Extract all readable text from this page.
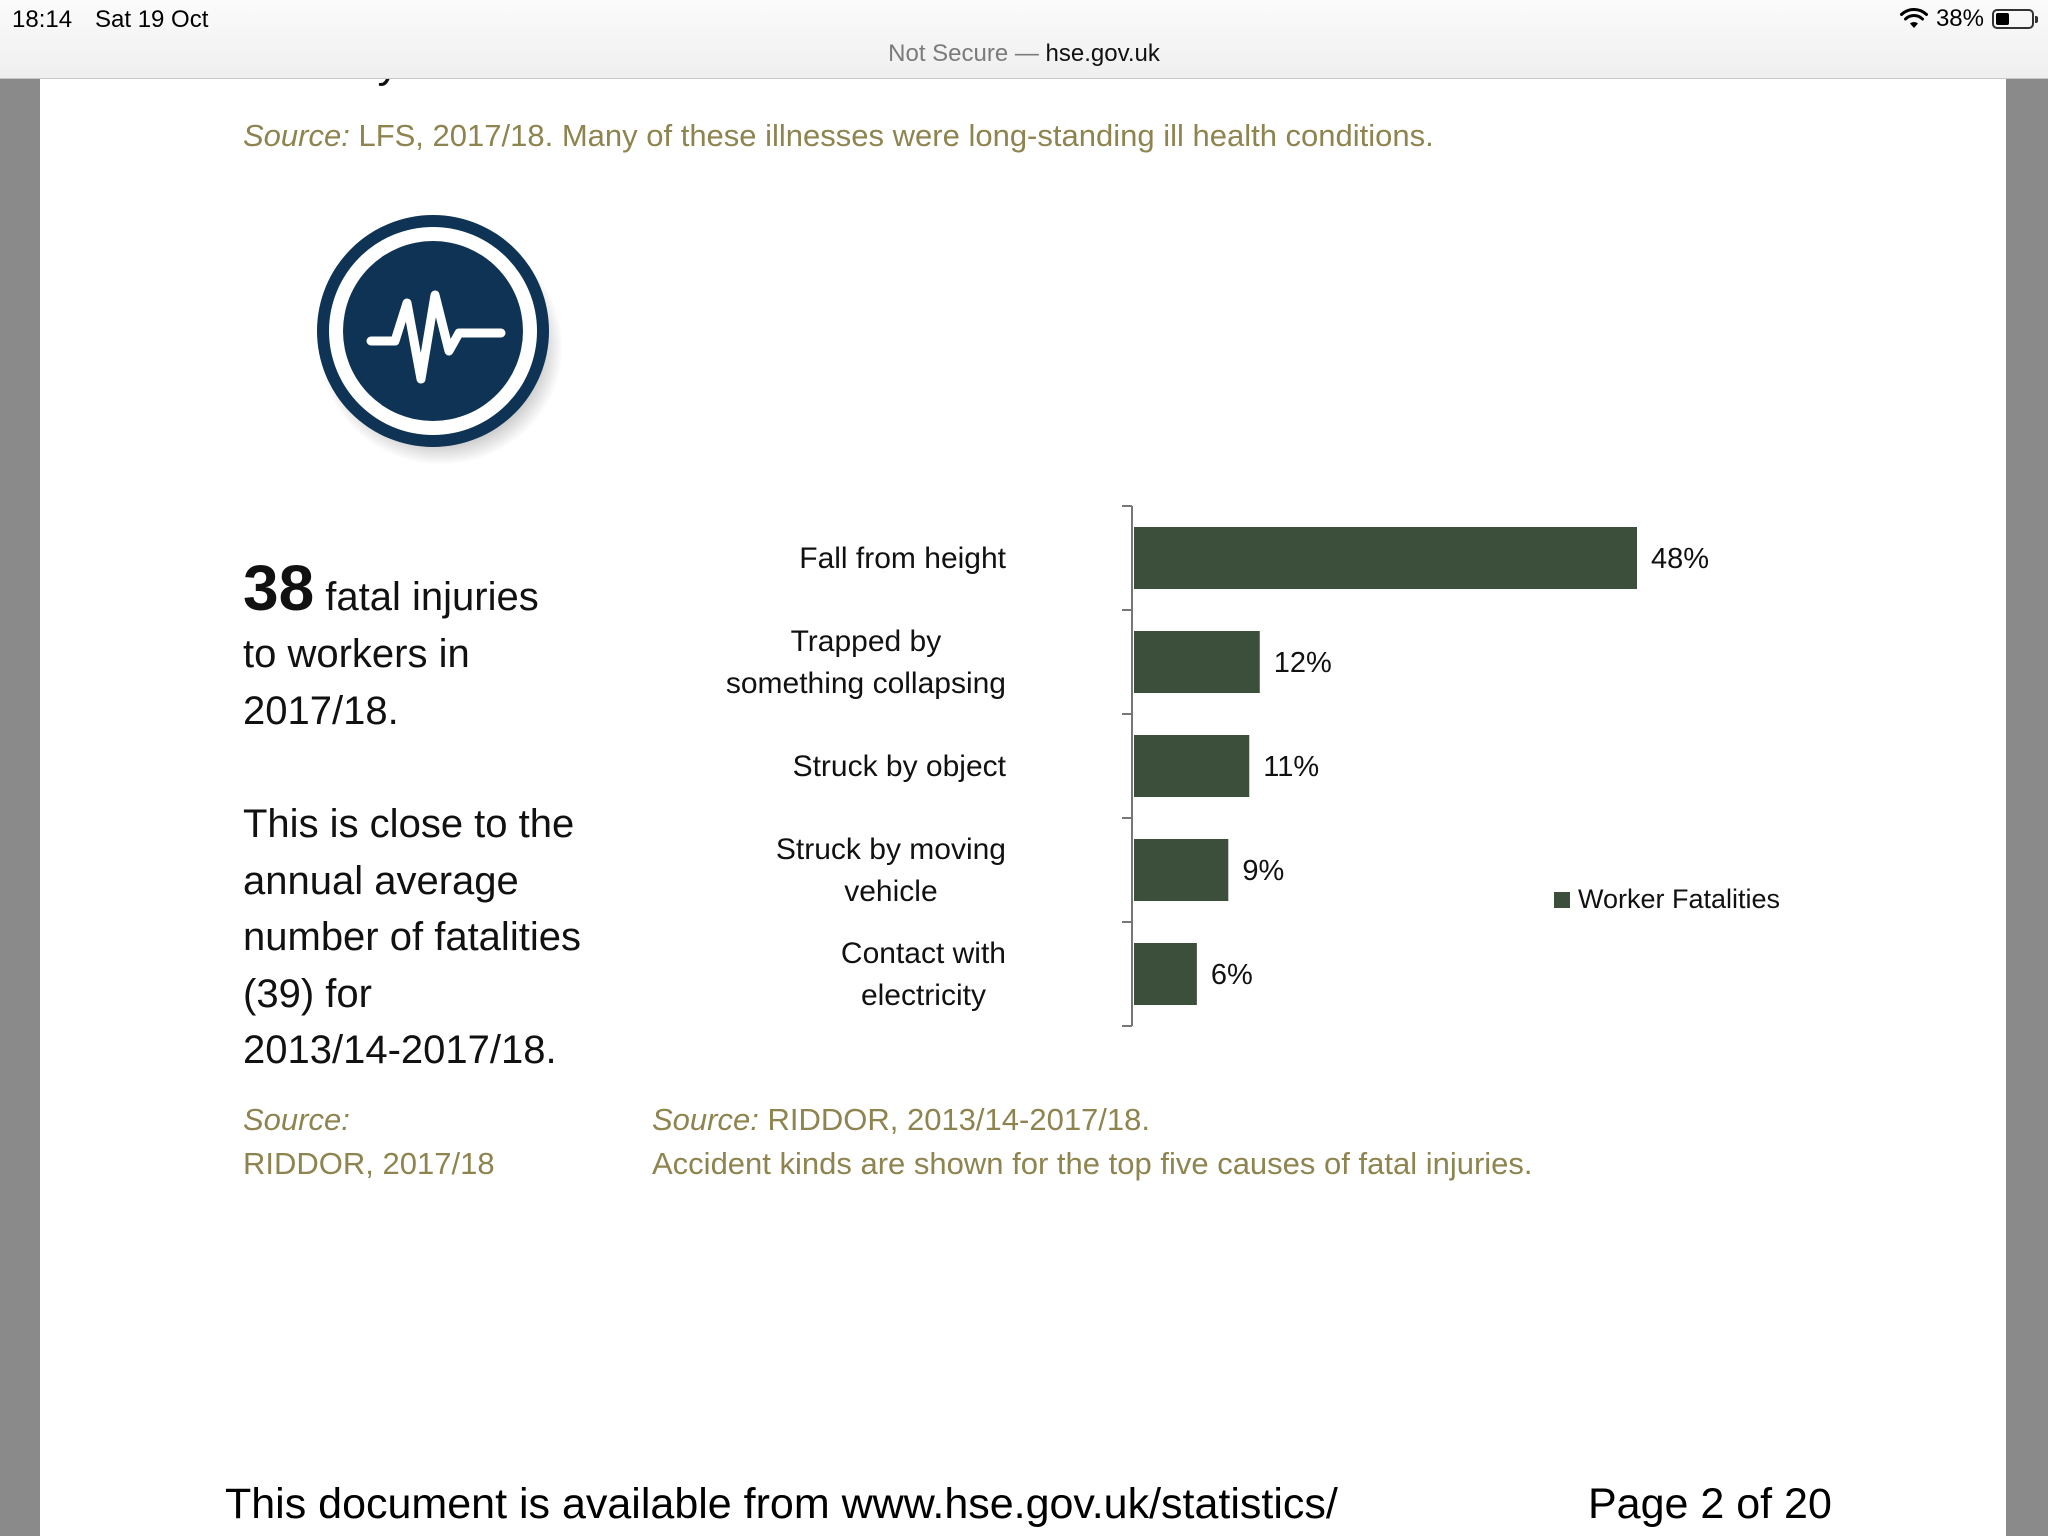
18:14 Sat 19 Oct	38%
Not Secure — hse.gov.uk
Source: LFS, 2017/18. Many of these illnesses were long-standing ill health conditions.
38 fatal injuries
to workers in
2017/18.
This is close to the
annual average
number of fatalities
(39) for
2013/14-2017/18.
48%
Fall from height
12%
Trapped by
something collapsing
11%
Struck by object
9%
Struck by moving
vehicle
6%
Contact with
electricity
Worker Fatalities
Source:
RIDDOR, 2017/18
Source: RIDDOR, 2013/14-2017/18.
Accident kinds are shown for the top five causes of fatal injuries.
This document is available from www.hse.gov.uk/statistics/	Page 2 of 20
